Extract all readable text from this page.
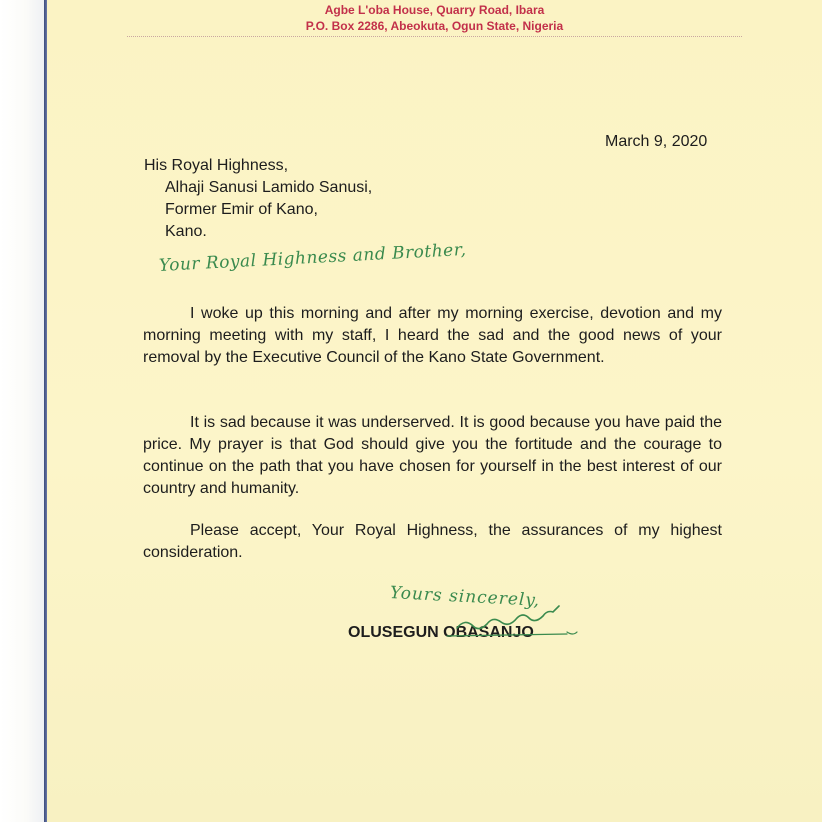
Agbe L'oba House, Quarry Road, Ibara
P.O. Box 2286, Abeokuta, Ogun State, Nigeria
March 9, 2020
His Royal Highness,
Alhaji Sanusi Lamido Sanusi,
Former Emir of Kano,
Kano.
Your Royal Highness and Brother,

I woke up this morning and after my morning exercise, devotion and my morning meeting with my staff, I heard the sad and the good news of your removal by the Executive Council of the Kano State Government.

It is sad because it was underserved. It is good because you have paid the price. My prayer is that God should give you the fortitude and the courage to continue on the path that you have chosen for yourself in the best interest of our country and humanity.

Please accept, Your Royal Highness, the assurances of my highest consideration.

Yours sincerely,
OLUSEGUN OBASANJO
